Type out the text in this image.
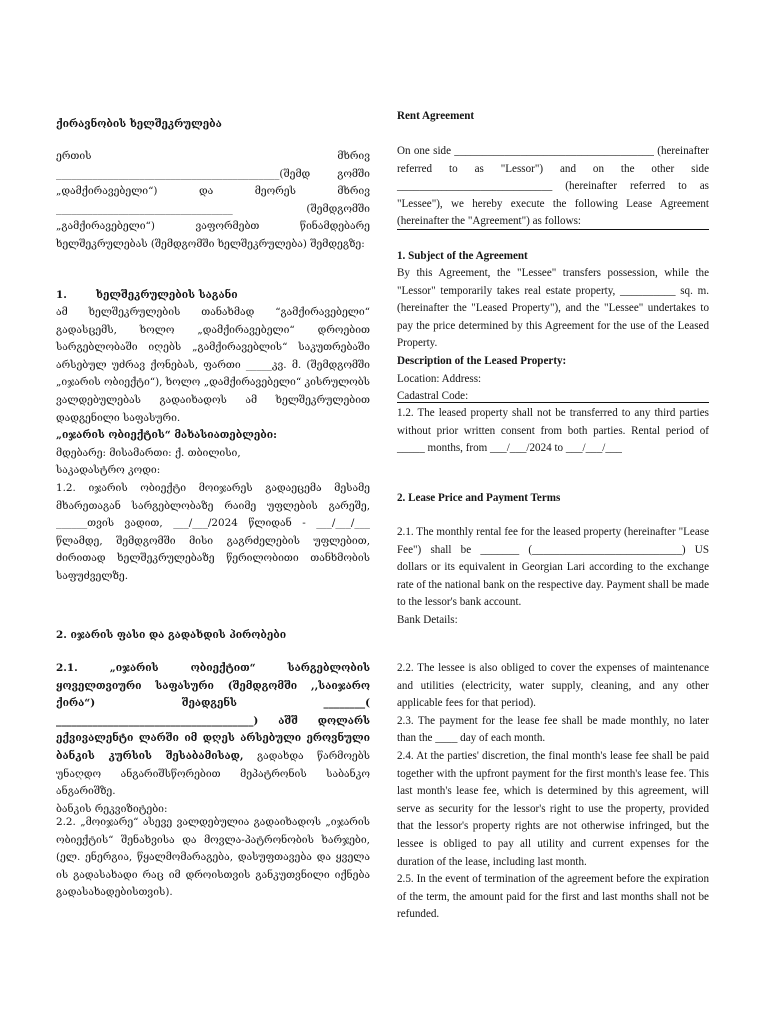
ქირავნობის ხელშეკრულება

ერთის მხრივ ___________________________________________(შემდ გომში „დამქირავებელი“) და მეორეს მხრივ __________________________________ (შემდგომში „გამქირავებელი“) ვაფორმებთ წინამდებარე ხელშეკრულებას (შემდგომში ხელშეკრულება) შემდეგზე:

1.	ხელშეკრულების საგანი

ამ ხელშეკრულების თანახმად “გამქირავებელი“ გადასცემს, ხოლო „დამქირავებელი“ დროებით სარგებლობაში იღებს „გამქირავებლის“ საკუთრებაში არსებულ უძრავ ქონებას, ფართი _____კვ. მ. (შემდგომში „იჯარის ობიექტი“), ხოლო „დამქირავებელი“ კისრულობს ვალდებულებას გადაიხადოს ამ ხელშეკრულებით დადგენილი საფასური.

„იჯარის ობიექტის“ მახასიათებლები:

მდებარე: მისამართი: ქ. თბილისი,

საკადასტრო კოდი:

1.2. იჯარის ობიექტი მოიჯარეს გადაეცემა მესამე მხარეთაგან სარგებლობაზე რაიმე უფლების გარეშე, ______თვის ვადით, ___/___/2024 წლიდან - ___/___/___ წლამდე, შემდგომში მისი გაგრძელების უფლებით, ძირითად ხელშეკრულებაზე წერილობითი თანხმობის საფუძველზე.

2. იჯარის ფასი და გადახდის პირობები

2.1. „იჯარის ობიექტით“ სარგებლობის ყოველთვიური საფასური (შემდგომში ,,საიჯარო ქირა“) შეადგენს ________( ______________________________________) აშშ დოლარს ექვივალენტი ლარში იმ დღეს არსებული ეროვნული ბანკის კურსის შესაბამისად, გადახდა წარმოებს უნაღდო ანგარიშსწორებით მეპატრონის საბანკო ანგარიშზე.

ბანკის რეკვიზიტები:

2.2. „მოიჯარე“ ასევე ვალდებულია გადაიხადოს „იჯარის ობიექტის“ შენახვისა და მოვლა-პატრონობის ხარჯები, (ელ. ენერგია, წყალმომარაგება, დასუფთავება და ყველა ის გადასახადი რაც იმ დროისთვის განკუთვნილი იქნება გადასახადებისთვის).

Rent Agreement

On one side ____________________________________ (hereinafter referred to as "Lessor") and on the other side ____________________________ (hereinafter referred to as "Lessee"), we hereby execute the following Lease Agreement (hereinafter the "Agreement") as follows:

1. Subject of the Agreement

By this Agreement, the "Lessee" transfers possession, while the "Lessor" temporarily takes real estate property, __________ sq. m. (hereinafter the "Leased Property"), and the "Lessee" undertakes to pay the price determined by this Agreement for the use of the Leased Property.

Description of the Leased Property:

Location: Address:

Cadastral Code:

1.2. The leased property shall not be transferred to any third parties without prior written consent from both parties. Rental period of _____ months, from ___/___/2024 to ___/___/___

2. Lease Price and Payment Terms

2.1. The monthly rental fee for the leased property (hereinafter "Lease Fee") shall be _______ (___________________________) US dollars or its equivalent in Georgian Lari according to the exchange rate of the national bank on the respective day. Payment shall be made to the lessor's bank account.

Bank Details:

2.2. The lessee is also obliged to cover the expenses of maintenance and utilities (electricity, water supply, cleaning, and any other applicable fees for that period).

2.3. The payment for the lease fee shall be made monthly, no later than the ____ day of each month.

2.4. At the parties' discretion, the final month's lease fee shall be paid together with the upfront payment for the first month's lease fee. This last month's lease fee, which is determined by this agreement, will serve as security for the lessor's right to use the property, provided that the lessor's property rights are not otherwise infringed, but the lessee is obliged to pay all utility and current expenses for the duration of the lease, including last month.

2.5. In the event of termination of the agreement before the expiration of the term, the amount paid for the first and last months shall not be refunded.
